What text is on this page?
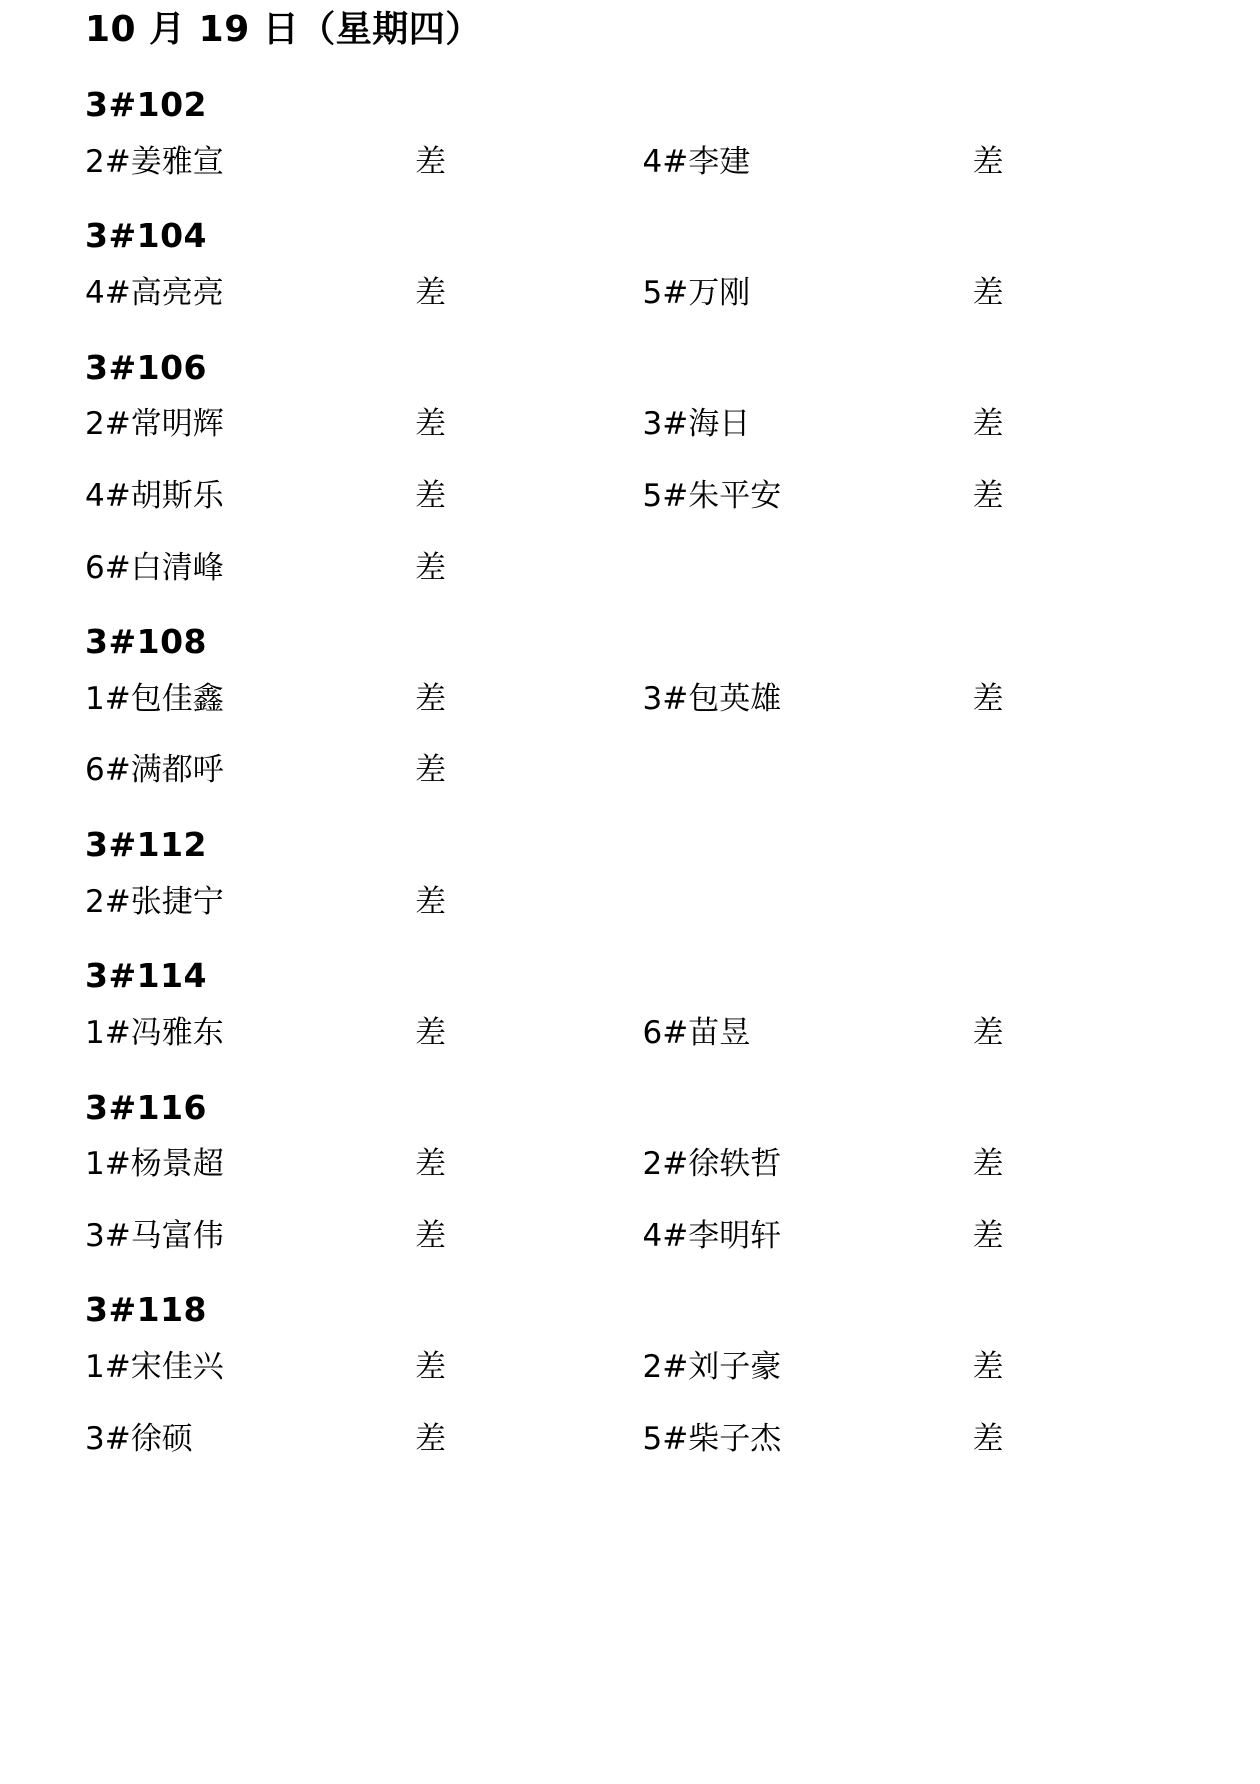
10 月 19 日（星期四）
3#102
2#姜雅宣	差	4#李建	差
3#104
4#高亮亮	差	5#万刚	差
3#106
2#常明辉	差	3#海日	差
4#胡斯乐	差	5#朱平安	差
6#白清峰	差
3#108
1#包佳鑫	差	3#包英雄	差
6#满都呼	差
3#112
2#张捷宁	差
3#114
1#冯雅东	差	6#苗昱	差
3#116
1#杨景超	差	2#徐轶哲	差
3#马富伟	差	4#李明轩	差
3#118
1#宋佳兴	差	2#刘子豪	差
3#徐硕	差	5#柴子杰	差
